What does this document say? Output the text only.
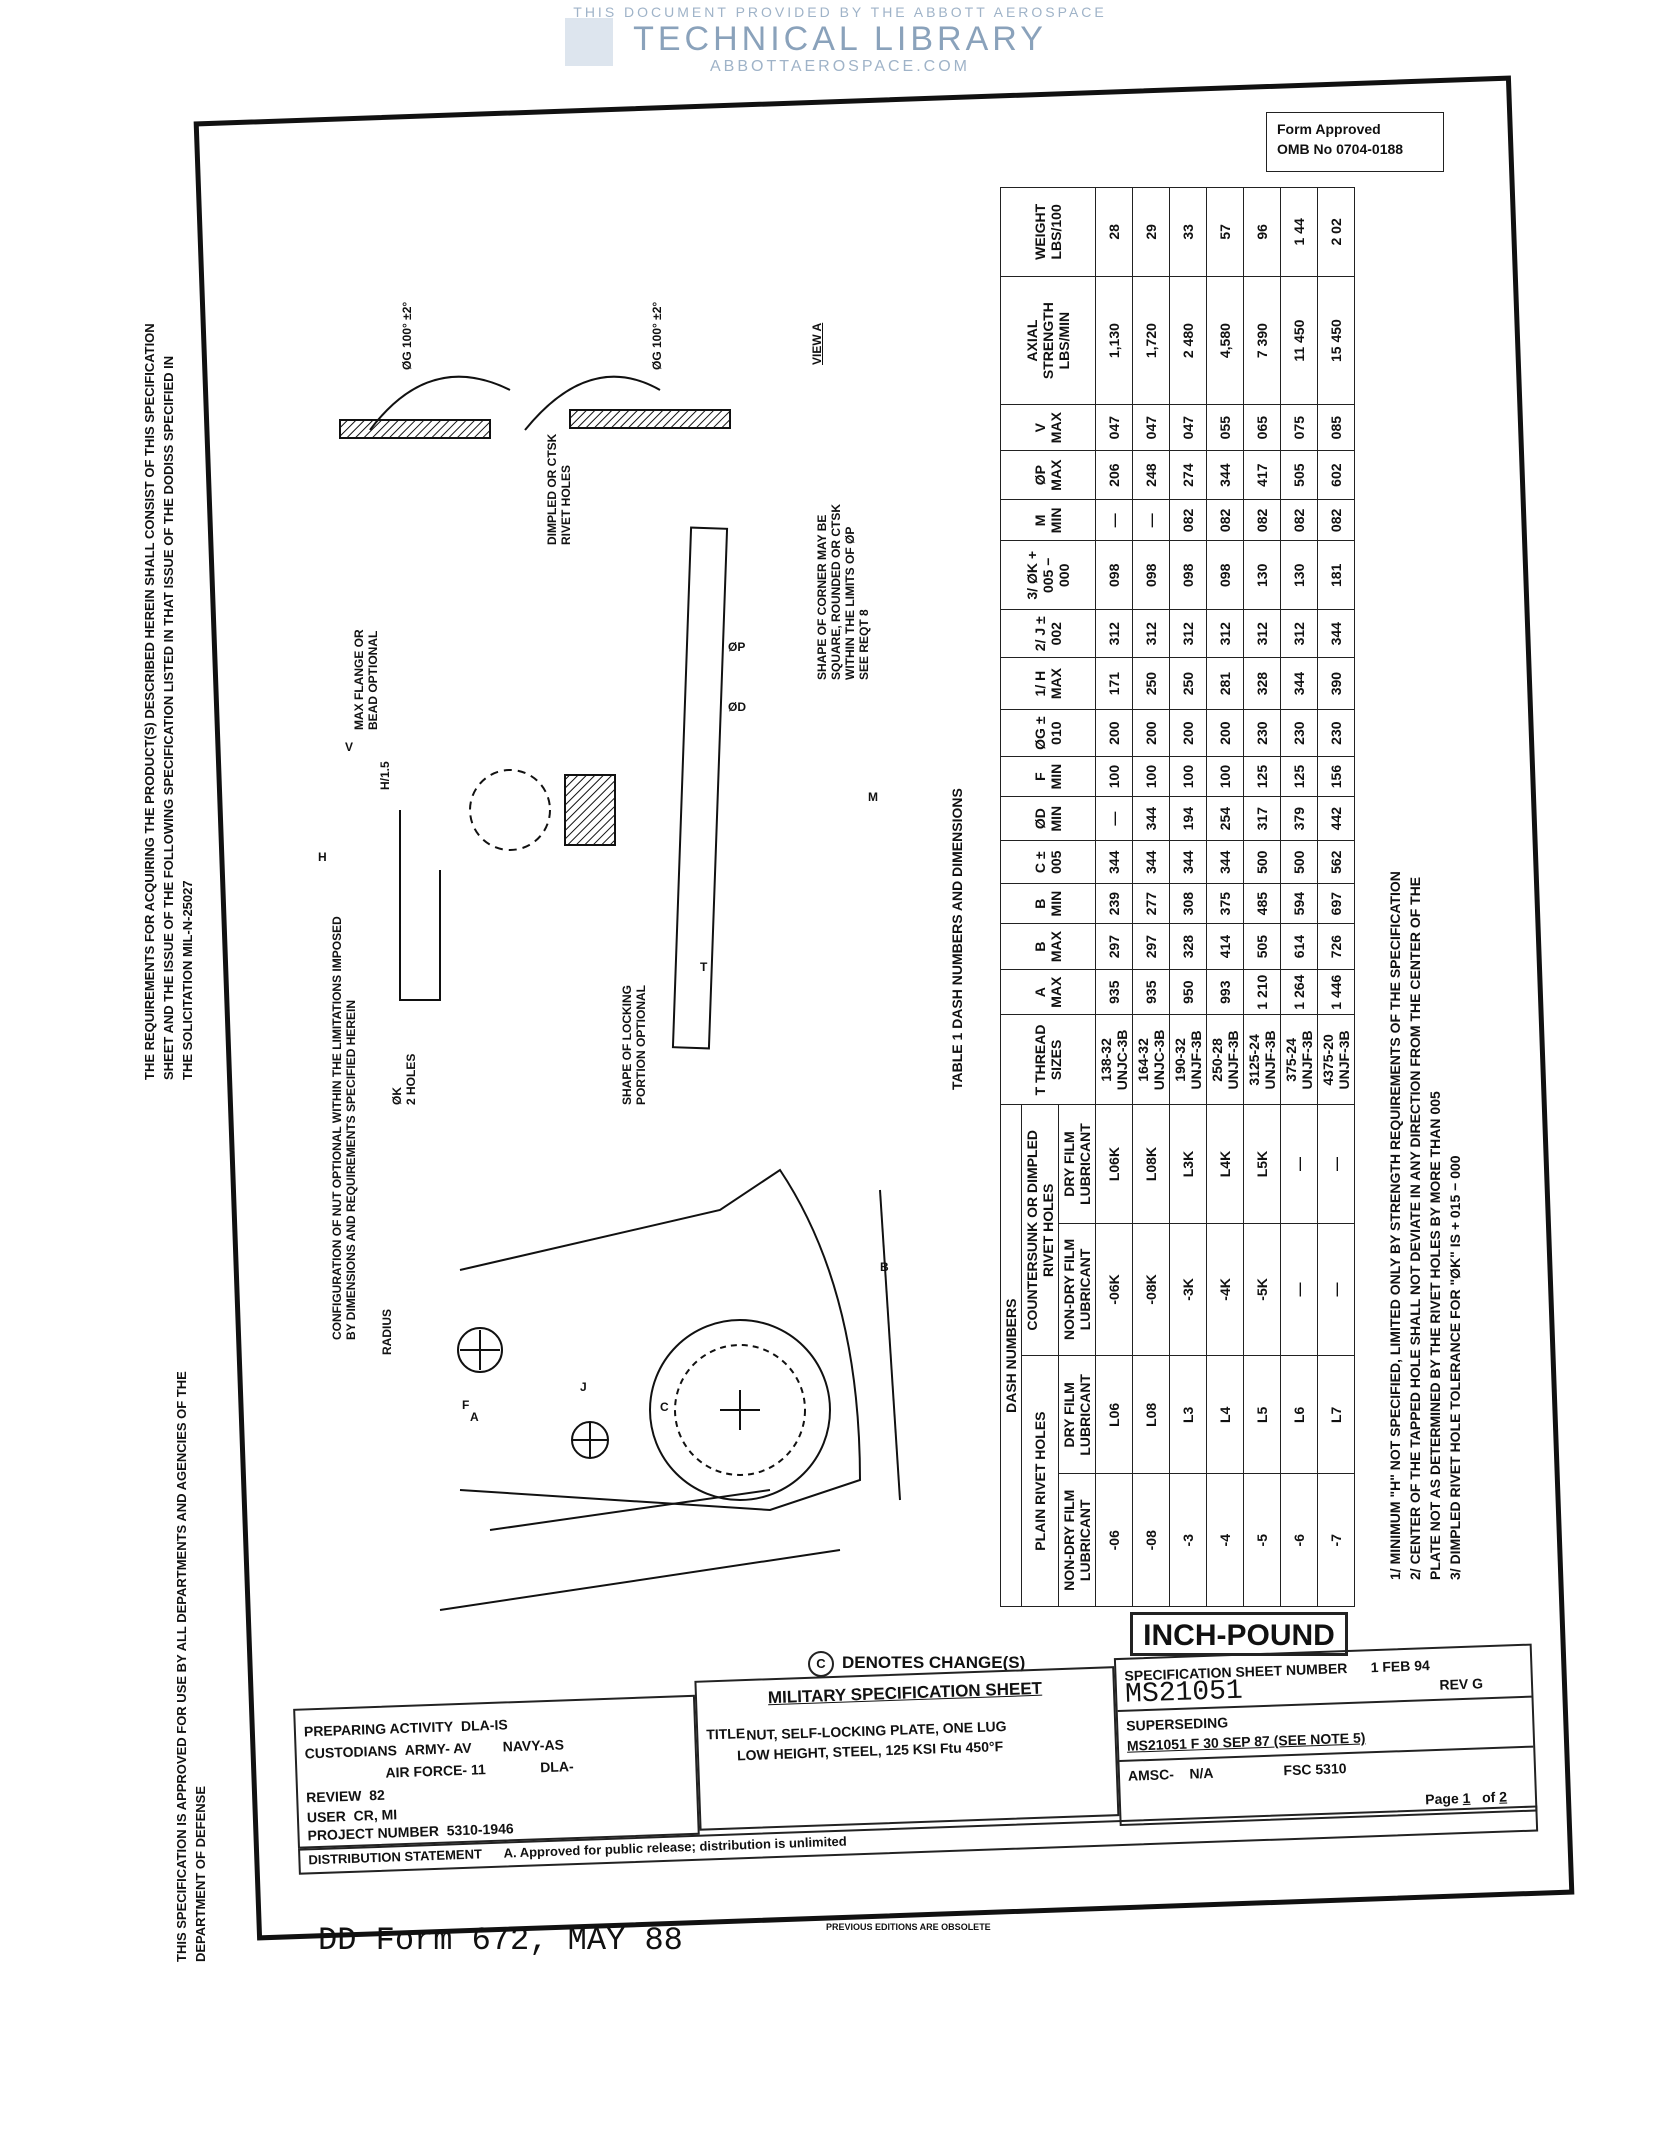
THIS DOCUMENT PROVIDED BY THE ABBOTT AEROSPACE
TECHNICAL LIBRARY
ABBOTTAEROSPACE.COM
THE REQUIREMENTS FOR ACQUIRING THE PRODUCT(S) DESCRIBED HEREIN SHALL CONSIST OF THIS SPECIFICATION SHEET AND THE ISSUE OF THE FOLLOWING SPECIFICATION LISTED IN THAT ISSUE OF THE DODISS SPECIFIED IN THE SOLICITATION MIL-N-25027
THIS SPECIFICATION IS APPROVED FOR USE BY ALL DEPARTMENTS AND AGENCIES OF THE DEPARTMENT OF DEFENSE
Form Approved
OMB No 0704-0188
CONFIGURATION OF NUT OPTIONAL WITHIN THE LIMITATIONS IMPOSED BY DIMENSIONS AND REQUIREMENTS SPECIFIED HEREIN RADIUS
ØK 2 HOLES	SHAPE OF LOCKING PORTION OPTIONAL
MAX FLANGE OR BEAD OPTIONAL
H/1.5
SHAPE OF CORNER MAY BE SQUARE, ROUNDED OR CTSK WITHIN THE LIMITS OF ØP SEE REQT 8
DIMPLED OR CTSK RIVET HOLES
ØG 100° ±2°	ØG 100° ±2°	VIEW A
A
B
C
F
J
H
V
M
T
ØD
ØP
TABLE 1 DASH NUMBERS AND DIMENSIONS
DASH NUMBERS				T THREAD SIZES	A MAX	B MAX	B MIN	C ± 005	ØD MIN	F MIN	ØG ± 010	1/ H MAX	2/ J ± 002	3/ ØK + 005 − 000	M MIN	ØP MAX	V MAX	AXIAL STRENGTH LBS/MIN	WEIGHT LBS/100
PLAIN RIVET HOLES		COUNTERSUNK OR DIMPLED RIVET HOLES																	
NON-DRY FILM LUBRICANT	DRY FILM LUBRICANT	NON-DRY FILM LUBRICANT	DRY FILM LUBRICANT																
-06	L06	-06K	L06K	138-32 UNJC-3B	935	297	239	344	—	100	200	171	312	098	—	206	047	1,130	28
-08	L08	-08K	L08K	164-32 UNJC-3B	935	297	277	344	344	100	200	250	312	098	—	248	047	1,720	29
-3	L3	-3K	L3K	190-32 UNJF-3B	950	328	308	344	194	100	200	250	312	098	082	274	047	2 480	33
-4	L4	-4K	L4K	250-28 UNJF-3B	993	414	375	344	254	100	200	281	312	098	082	344	055	4,580	57
-5	L5	-5K	L5K	3125-24 UNJF-3B	1 210	505	485	500	317	125	230	328	312	130	082	417	065	7 390	96
-6	L6	—	—	375-24 UNJF-3B	1 264	614	594	500	379	125	230	344	312	130	082	505	075	11 450	1 44
-7	L7	—	—	4375-20 UNJF-3B	1 446	726	697	562	442	156	230	390	344	181	082	602	085	15 450	2 02
1/ MINIMUM "H" NOT SPECIFIED, LIMITED ONLY BY STRENGTH REQUIREMENTS OF THE SPECIFICATION 2/ CENTER OF THE TAPPED HOLE SHALL NOT DEVIATE IN ANY DIRECTION FROM THE CENTER OF THE PLATE NOT AS DETERMINED BY THE RIVET HOLES BY MORE THAN 005 3/ DIMPLED RIVET HOLE TOLERANCE FOR "ØK" IS + 015 − 000
INCH-POUND
C DENOTES CHANGE(S)
PREPARING ACTIVITY DLA-IS
CUSTODIANS ARMY- AV NAVY-AS
AIR FORCE- 11	DLA-
REVIEW 82
USER CR, MI
PROJECT NUMBER 5310-1946
MILITARY SPECIFICATION SHEET
TITLE NUT, SELF-LOCKING PLATE, ONE LUG
LOW HEIGHT, STEEL, 125 KSI Ftu 450°F
SPECIFICATION SHEET NUMBER 1 FEB 94
MS21051	REV G
SUPERSEDING
MS21051 F 30 SEP 87 (SEE NOTE 5)
AMSC- N/A	FSC 5310
Page 1 of 2
DISTRIBUTION STATEMENT A. Approved for public release; distribution is unlimited
DD Form 672, MAY 88	PREVIOUS EDITIONS ARE OBSOLETE
